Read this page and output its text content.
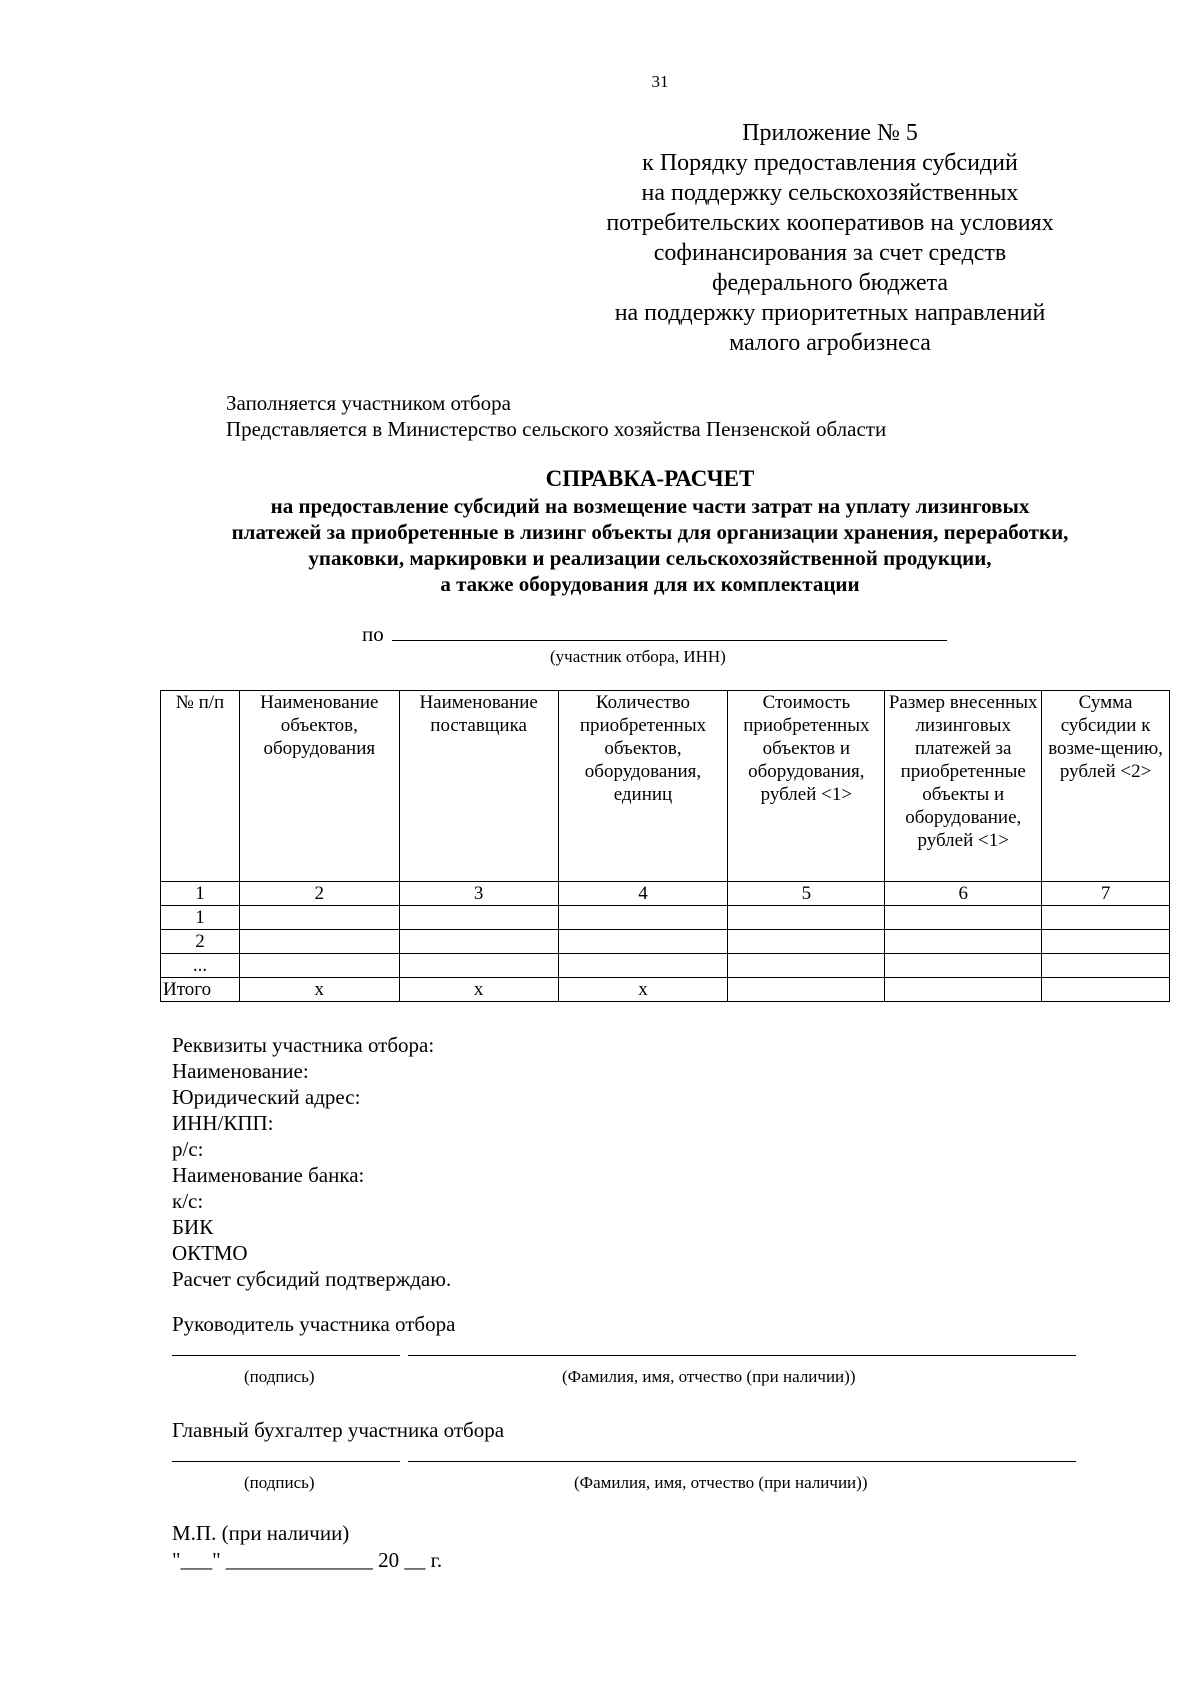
31
Приложение № 5
к Порядку предоставления субсидий
на поддержку сельскохозяйственных
потребительских кооперативов на условиях
софинансирования за счет средств
федерального бюджета
на поддержку приоритетных направлений
малого агробизнеса
Заполняется участником отбора
Представляется в Министерство сельского хозяйства Пензенской области
СПРАВКА-РАСЧЕТ
на предоставление субсидий на возмещение части затрат на уплату лизинговых
платежей за приобретенные в лизинг объекты для организации хранения, переработки,
упаковки, маркировки и реализации сельскохозяйственной продукции,
а также оборудования для их комплектации
по
(участник отбора, ИНН)
№ п/п	Наименование объектов, оборудования	Наименование поставщика	Количество приобретенных объектов, оборудования, единиц	Стоимость приобретенных объектов и оборудования, рублей <1>	Размер внесенных лизинговых платежей за приобретенные объекты и оборудование, рублей <1>	Сумма субсидии к возме-щению, рублей <2>
1	2	3	4	5	6	7
1						
2						
...						
Итого	x	x	x			
Реквизиты участника отбора:
Наименование:
Юридический адрес:
ИНН/КПП:
р/с:
Наименование банка:
к/с:
БИК
ОКТМО
Расчет субсидий подтверждаю.
Руководитель участника отбора
(подпись)	(Фамилия, имя, отчество (при наличии))
Главный бухгалтер участника отбора
(подпись)	(Фамилия, имя, отчество (при наличии))
М.П. (при наличии)
"___" ______________ 20 __ г.
